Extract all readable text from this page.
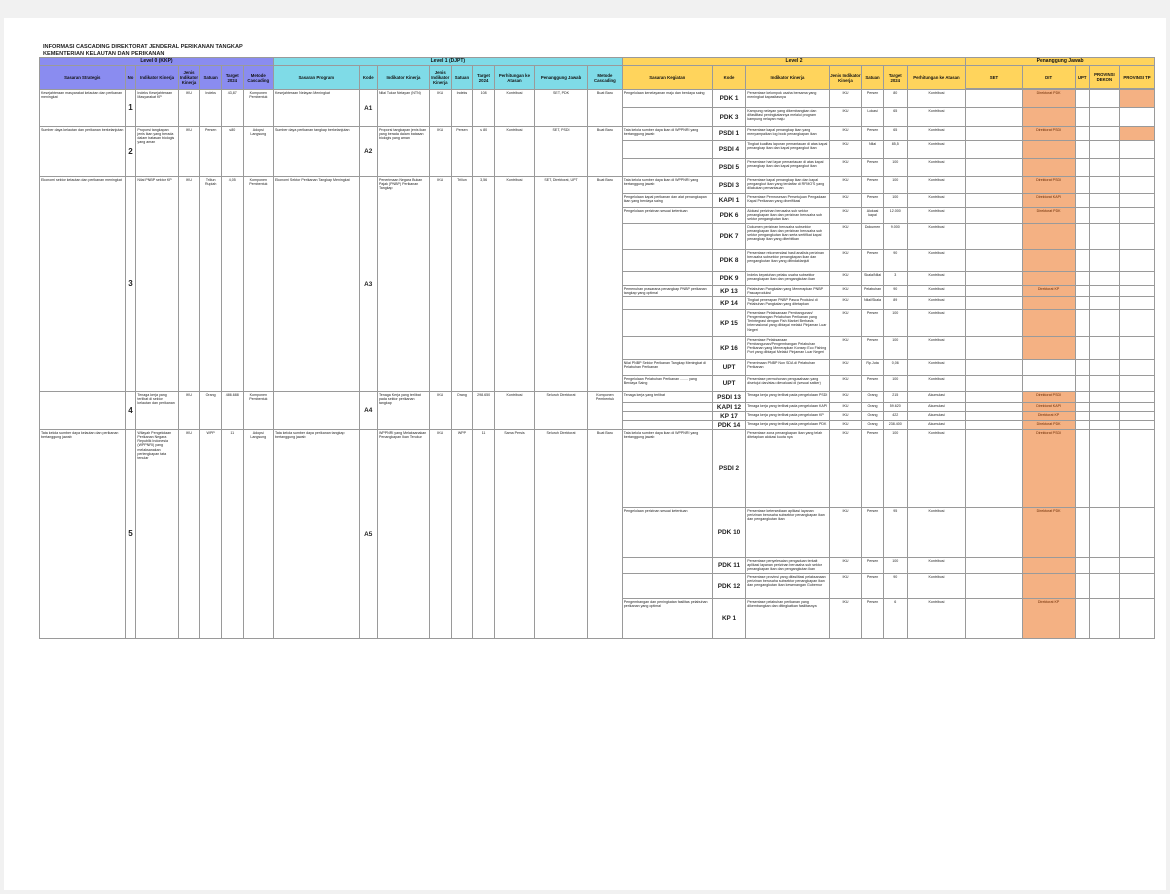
INFORMASI CASCADING DIREKTORAT JENDERAL PERIKANAN TANGKAP
KEMENTERIAN KELAUTAN DAN PERIKANAN
Level 0 (KKP)							Level 1 (DJPT)									Level 2							Penanggung Jawab				
Sasaran Strategis	No	Indikator Kinerja	Jenis Indikator Kinerja	Satuan	Target 2024	Metode Cascading	Sasaran Program	Kode	Indikator Kinerja	Jenis Indikator Kinerja	Satuan	Target 2024	Perhitungan ke Atasan	Penanggung Jawab	Metode Cascading	Sasaran Kegiatan	Kode	Indikator Kinerja	Jenis Indikator Kinerja	Satuan	Target 2024	Perhitungan ke Atasan	SET	DIT	UPT	PROVINSI DEKON	PROVINSI TP

Kesejahteraan masyarakat kelautan dan perikanan meningkat	1	Indeks Kesejahteraan Masyarakat KP	IKU	Indeks	43,87	Komponen Pembentuk	Kesejahteraan Nelayan Meningkat	A1	Nilai Tukar Nelayan (NTN)	IKU	Indeks	108	Kontribusi	SET, PDK	Buat Baru	Pengelolaan kenelayanan maju dan berdaya saing	PDK 1	Persentase kelompok usaha bersama yang meningkat kapasitasnya	IKU	Persen	80	Kontribusi		Direktorat PDK			

																	PDK 3	Kampung nelayan yang dikembangkan dan difasilitasi peningkatannya melalui program kampung nelayan maju	IKU	Lokasi	65	Kontribusi		

Sumber daya kelautan dan perikanan berkelanjutan	2	Proporsi tangkapan jenis ikan yang berada dalam batasan biologis yang aman	IKU	Persen	≤80	Adopsi Langsung	Sumber daya perikanan tangkap berkelanjutan	A2	Proporsi tangkapan jenis ikan yang berada dalam batasan biologis yang aman	IKU	Persen	≤ 80	Kontribusi	SET, PSDI	Buat Baru	Tata kelola sumber daya ikan di WPPNRI yang bertanggung jawab	PSDI 1	Persentase kapal penangkap ikan yang menyampaikan log book penangkapan ikan	IKU	Persen	65	Kontribusi		Direktorat PSDI			

																	PSDI 4	Tingkat kualitas laporan pemantauan di atas kapal penangkap ikan dan kapal pengangkut ikan	IKU	Nilai	85,5	Kontribusi		

																	PSDI 5	Persentase hari layar pemantauan di atas kapal penangkap ikan dan kapal pengangkut ikan	IKU	Persen	100	Kontribusi		

Ekonomi sektor kelautan dan perikanan meningkat	3	Nilai PNBP sektor KP	IKU	Triliun Rupiah	4,05	Komponen Pembentuk	Ekonomi Sektor Perikanan Tangkap Meningkat	A3	Penerimaan Negara Bukan Pajak (PNBP) Perikanan Tangkap	IKU	Triliun	3,56	Kontribusi	SET, Direktorat, UPT	Buat Baru	Tata kelola sumber daya ikan di WPPNRI yang bertanggung jawab	PSDI 3	Persentase kapal penangkap ikan dan kapal pengangkut ikan yang terdaftar di RFMO'S yang dilakukan pemantauan	IKU	Persen	100	Kontribusi		Direktorat PSDI			

																Pengelolaan kapal perikanan dan alat penangkapan ikan yang berdaya saing	KAPI 1	Persentase Pemrosesan Persetujuan Pengadaan Kapal Perikanan yang diverifikasi	IKU	Persen	100	Kontribusi		Direktorat KAPI			

																Pengelolaan perizinan sesuai ketentuan	PDK 6	Alokasi perizinan berusaha sub sektor penangkapan ikan dan perizinan berusaha sub sektor pengangkutan ikan	IKU	Alokasi kapal	12.000	Kontribusi		Direktorat PDK			

																	PDK 7	Dokumen perizinan berusaha subsektor penangkapan ikan dan perizinan berusaha sub sektor pengangkutan ikan serta sertifikat kapal penangkap ikan yang diterbitkan	IKU	Dokumen	9.000	Kontribusi		

																	PDK 8	Persentase rekomendasi hasil analisis perizinan berusaha subsektor penangkapan ikan dan pengangkutan ikan yang ditindaklanjuti	IKU	Persen	90	Kontribusi		

																	PDK 9	Indeks kepatuhan pelaku usaha subsektor penangkapan ikan dan pengangkutan ikan	IKU	Skala/Nilai	3	Kontribusi		

																Pemenuhan prasarana penangkap PNBP perikanan tangkap yang optimal	KP 13	Pelabuhan Pangkalan yang Menerapkan PNBP Pascaproduksi	IKU	Pelabuhan	90	Kontribusi		Direktorat KP			

																	KP 14	Tingkat penerapan PNBP Pasca Produksi di Pelabuhan Pangkalan yang ditetapkan	IKU	Nilai/Skala	89	Kontribusi		

																	KP 15	Persentase Pelaksanaan Pembangunan/ Pengembangan Pelabuhan Perikanan yang Terintegrasi dengan Fish Market Berbasis Internasional yang dibiayai melalui Pinjaman Luar Negeri	IKU	Persen	100	Kontribusi		

																	KP 16	Persentase Pelaksanaan Pembangunan/Pengembangan Pelabuhan Perikanan yang Menerapkan Konsep Eco Fishing Port yang dibiayai Melalui Pinjaman Luar Negeri	IKU	Persen	100	Kontribusi		

																Nilai PNBP Sektor Perikanan Tangkap Meningkat di Pelabuhan Perikanan	UPT	Penerimaan PNBP Non SDA di Pelabuhan Perikanan	IKU	Rp.Juta	0,06	Kontribusi					
																Pengelolaan Pelabuhan Perikanan ........ yang Berdaya Saing	UPT	Persentase permohonan pengusahaan yang disetujui dan/atau dievaluasi di (sesuai satker)	IKU	Persen	100	Kontribusi					
	4	Tenaga kerja yang terlibat di sektor kelautan dan perikanan	IKU	Orang	486.688	Komponen Pembentuk		A4	Tenaga Kerja yang terlibat pada sektor perikanan tangkap	IKU	Orang	298.650	Kontribusi	Seluruh Direktorat	Komponen Pembentuk	Tenaga kerja yang terlibat	PSDI 13	Tenaga kerja yang terlibat pada pengelolaan PSDI	IKU	Orang	215	Akumulasi		Direktorat PSDI			

																	KAPI 12	Tenaga kerja yang terlibat pada pengelolaan KAPI	IKU	Orang	59.620	Akumulasi		Direktorat KAPI			

																	KP 17	Tenaga kerja yang terlibat pada pengelolaan KP	IKU	Orang	422	Akumulasi		Direktorat KP			

																	PDK 14	Tenaga kerja yang terlibat pada pengelolaan PDK	IKU	Orang	238.400	Akumulasi		Direktorat PDK			

Tata kelola sumber daya kelautan dan perikanan bertanggung jawab	5	Wilayah Pengelolaan Perikanan Negara Republik Indonesia (WPPNRI) yang melaksanakan perlengkapan tata tenular	IKU	WPP	11	Adopsi Langsung	Tata kelola sumber daya perikanan tangkap bertanggung jawab	A5	WPPNRI yang Melaksanakan Penangkapan Ikan Terukur	IKU	WPP	11	Sama Persis	Seluruh Direktorat	Buat Baru	Tata kelola sumber daya ikan di WPPNRI yang bertanggung jawab	PSDI 2	Persentase zona penangkapan ikan yang telah ditetapkan alokasi kuota nya	IKU	Persen	100	Kontribusi		Direktorat PSDI			

																Pengelolaan perizinan sesuai ketentuan	PDK 10	Persentase ketersediaan aplikasi layanan perizinan berusaha subsektor penangkapan ikan dan pengangkutan ikan	IKU	Persen	95	Kontribusi		Direktorat PDK			

																	PDK 11	Persentase penyelesaian pengaduan terkait aplikasi layanan perizinan berusaha sub sektor penangkapan ikan dan pengangkutan ikan	IKU	Persen	100	Kontribusi		

																	PDK 12	Persentase provinsi yang difasilitasi pelaksanaan perizinan berusaha subsektor penangkapan ikan dan pengangkutan ikan kewenangan Gubernur	IKU	Persen	90	Kontribusi		

																Pengembangan dan peningkatan fasilitas pelabuhan perikanan yang optimal	KP 1	Persentase pelabuhan perikanan yang dikembangkan dan ditingkatkan fasilitasnya	IKU	Persen	6	Kontribusi		Direktorat KP			
